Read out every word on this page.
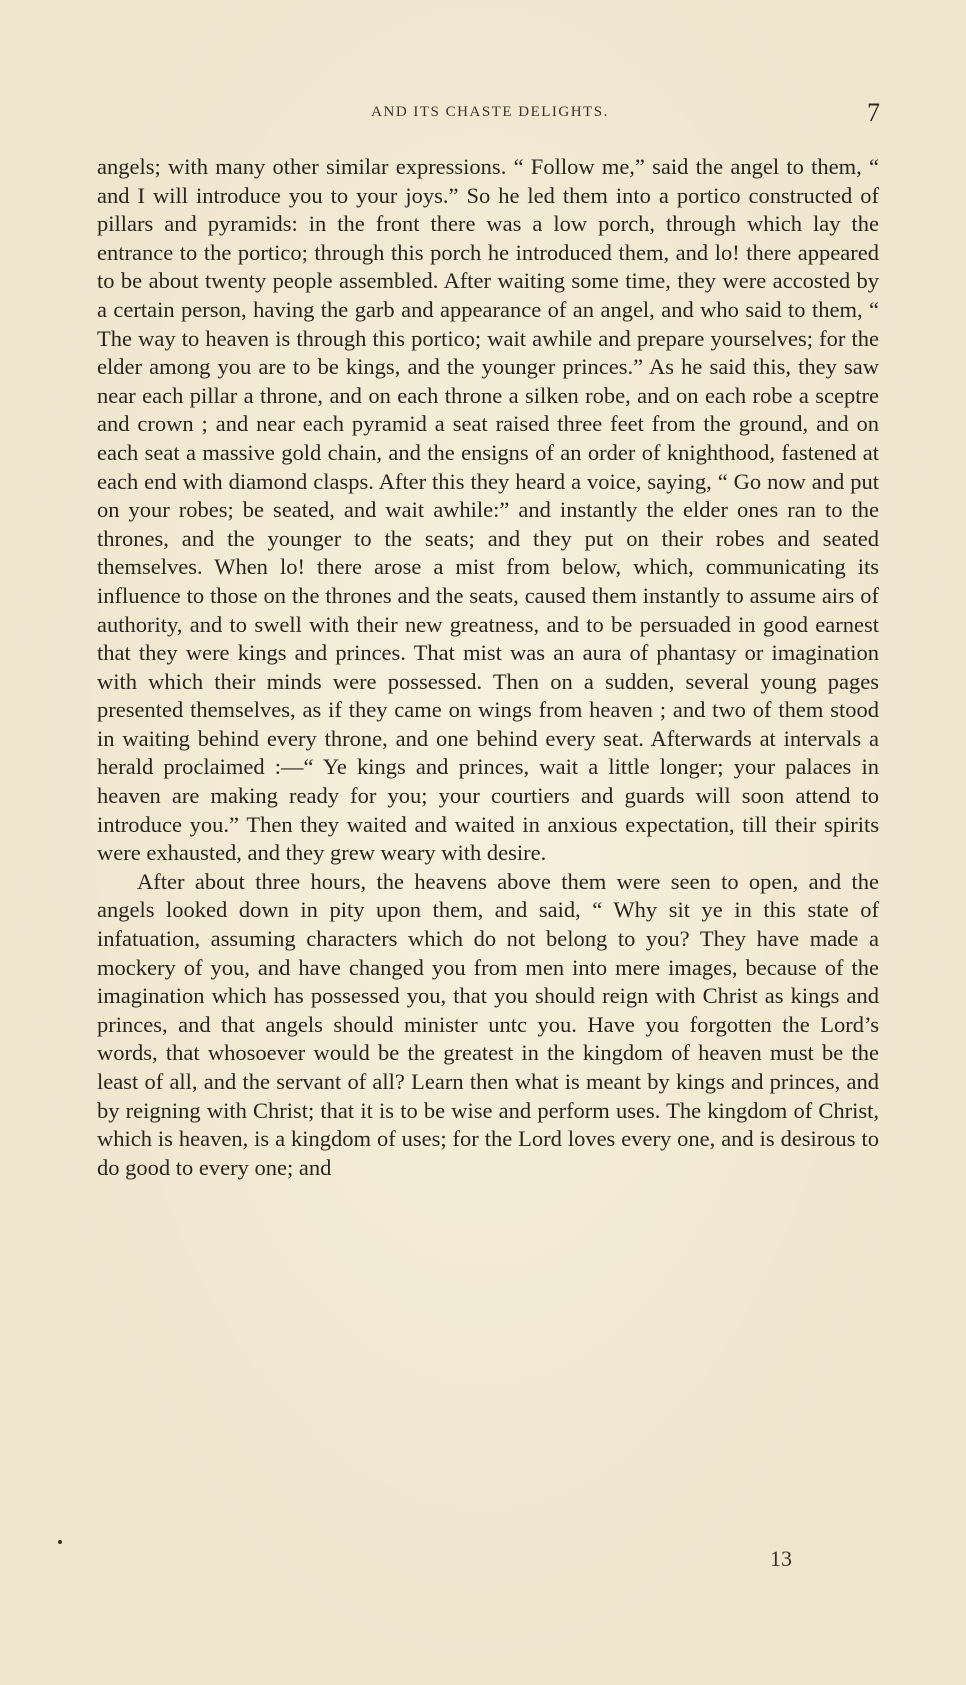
AND ITS CHASTE DELIGHTS.	7

angels; with many other similar expressions. “ Follow me,” said the angel to them, “ and I will introduce you to your joys.” So he led them into a portico constructed of pillars and pyramids: in the front there was a low porch, through which lay the entrance to the portico; through this porch he introduced them, and lo! there appeared to be about twenty people assembled. After waiting some time, they were accosted by a certain person, having the garb and appearance of an angel, and who said to them, “ The way to heaven is through this portico; wait awhile and prepare yourselves; for the elder among you are to be kings, and the younger princes.” As he said this, they saw near each pillar a throne, and on each throne a silken robe, and on each robe a sceptre and crown ; and near each pyramid a seat raised three feet from the ground, and on each seat a massive gold chain, and the ensigns of an order of knighthood, fastened at each end with diamond clasps. After this they heard a voice, saying, “ Go now and put on your robes; be seated, and wait awhile:” and instantly the elder ones ran to the thrones, and the younger to the seats; and they put on their robes and seated themselves. When lo! there arose a mist from below, which, communicating its influence to those on the thrones and the seats, caused them instantly to assume airs of authority, and to swell with their new greatness, and to be persuaded in good earnest that they were kings and princes. That mist was an aura of phantasy or imagination with which their minds were possessed. Then on a sudden, several young pages presented themselves, as if they came on wings from heaven ; and two of them stood in waiting behind every throne, and one behind every seat. Afterwards at intervals a herald proclaimed :—“ Ye kings and princes, wait a little longer; your palaces in heaven are making ready for you; your courtiers and guards will soon attend to introduce you.” Then they waited and waited in anxious expectation, till their spirits were exhausted, and they grew weary with desire.

After about three hours, the heavens above them were seen to open, and the angels looked down in pity upon them, and said, “ Why sit ye in this state of infatuation, assuming characters which do not belong to you? They have made a mockery of you, and have changed you from men into mere images, because of the imagination which has possessed you, that you should reign with Christ as kings and princes, and that angels should minister untc you. Have you forgotten the Lord’s words, that whosoever would be the greatest in the kingdom of heaven must be the least of all, and the servant of all? Learn then what is meant by kings and princes, and by reigning with Christ; that it is to be wise and perform uses. The kingdom of Christ, which is heaven, is a kingdom of uses; for the Lord loves every one, and is desirous to do good to every one; and

13
